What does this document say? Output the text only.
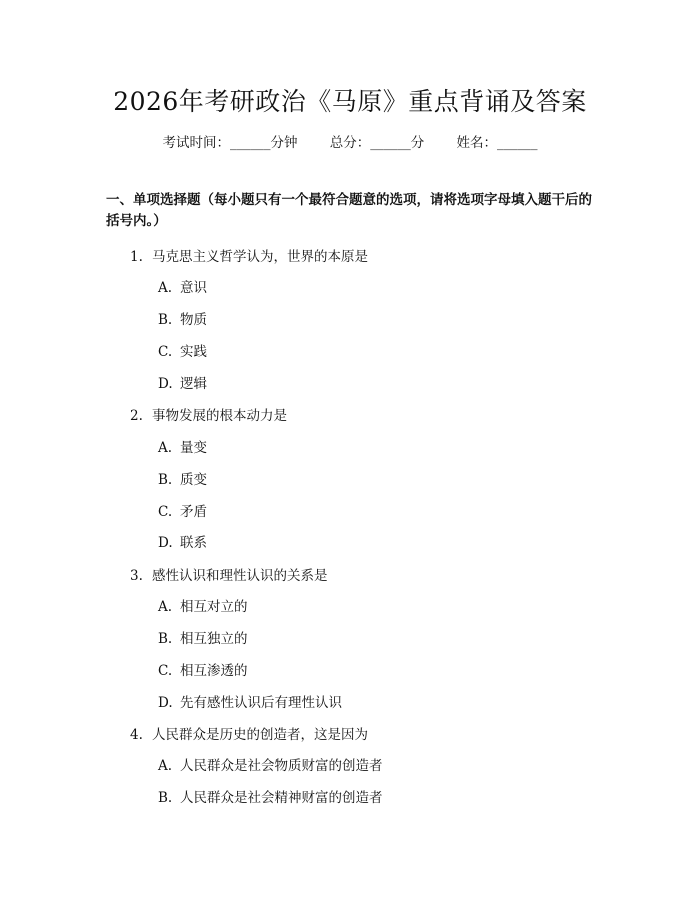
2026年考研政治《马原》重点背诵及答案
考试时间：______分钟 总分：______分 姓名：______
一、单项选择题（每小题只有一个最符合题意的选项，请将选项字母填入题干后的括号内。）
1. 马克思主义哲学认为，世界的本原是
A. 意识
B. 物质
C. 实践
D. 逻辑
2. 事物发展的根本动力是
A. 量变
B. 质变
C. 矛盾
D. 联系
3. 感性认识和理性认识的关系是
A. 相互对立的
B. 相互独立的
C. 相互渗透的
D. 先有感性认识后有理性认识
4. 人民群众是历史的创造者，这是因为
A. 人民群众是社会物质财富的创造者
B. 人民群众是社会精神财富的创造者
